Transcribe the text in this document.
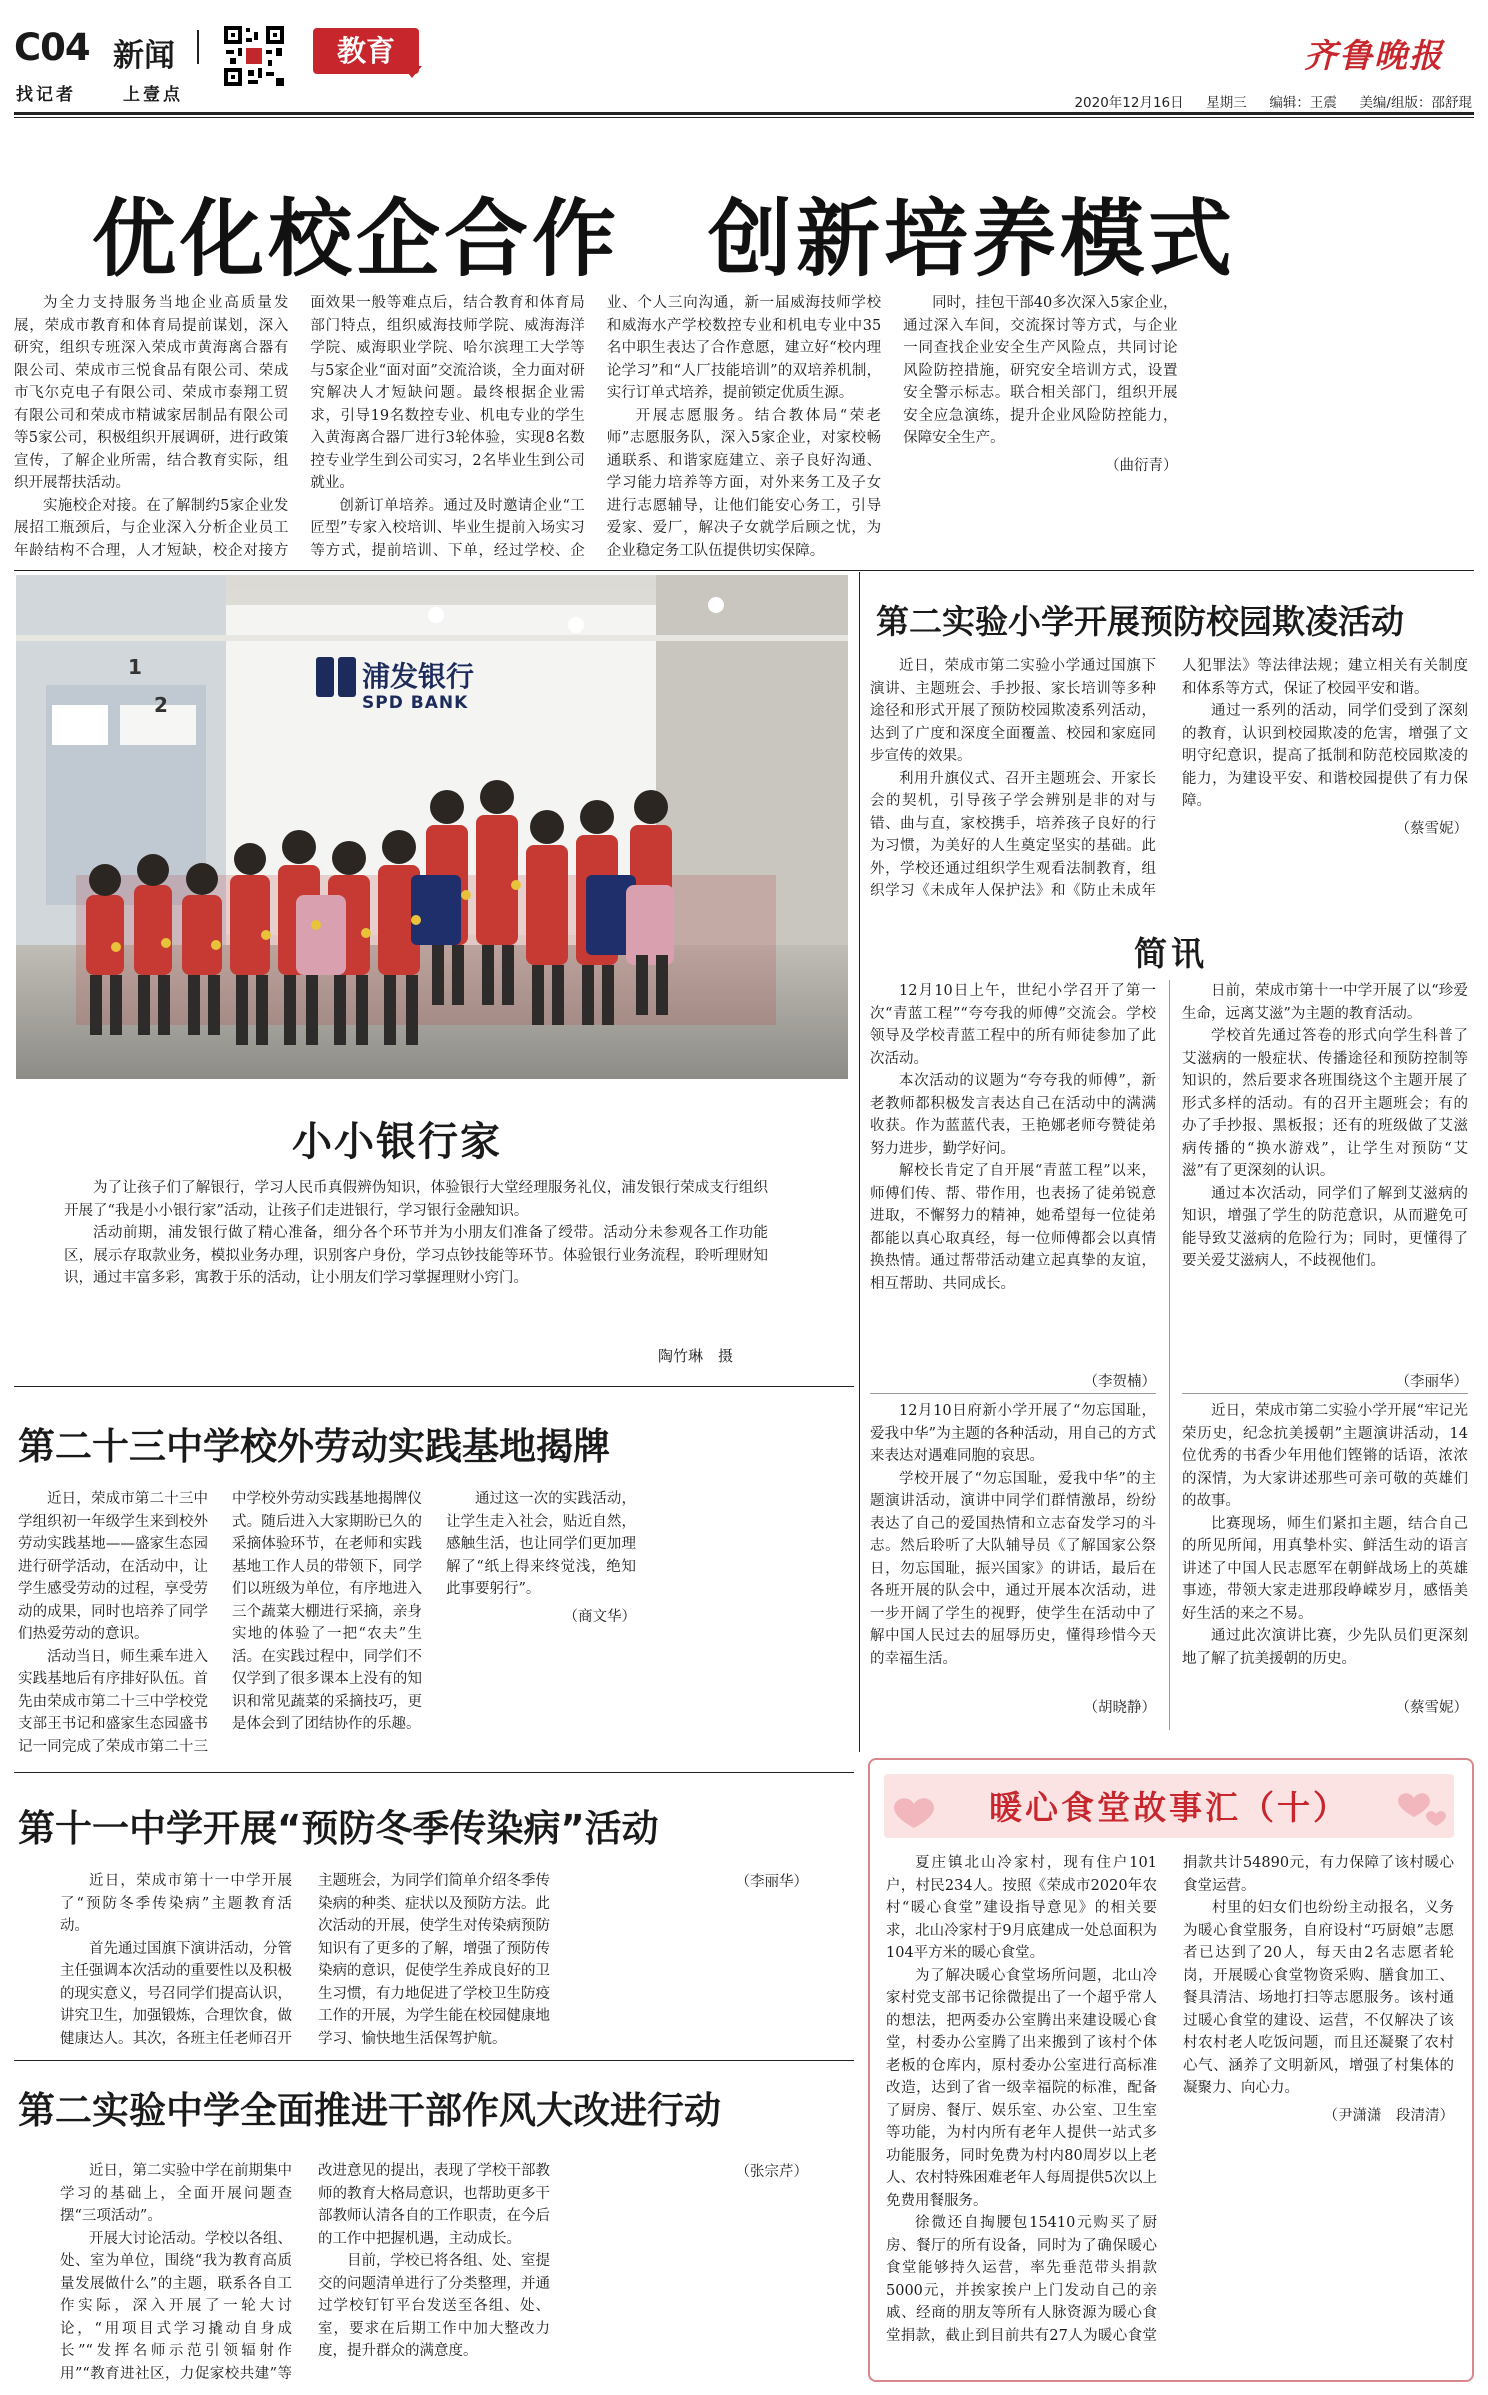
C04 新闻
找记者	上壹点
教育	齐鲁晚报
2020年12月16日 星期三 编辑：王震 美编/组版：邵舒琨
优化校企合作　创新培养模式

为全力支持服务当地企业高质量发展，荣成市教育和体育局提前谋划，深入研究，组织专班深入荣成市黄海离合器有限公司、荣成市三悦食品有限公司、荣成市飞尔克电子有限公司、荣成市泰翔工贸有限公司和荣成市精诚家居制品有限公司等5家公司，积极组织开展调研，进行政策宣传，了解企业所需，结合教育实际，组织开展帮扶活动。

实施校企对接。在了解制约5家企业发展招工瓶颈后，与企业深入分析企业员工年龄结构不合理，人才短缺，校企对接方面效果一般等难点后，结合教育和体育局部门特点，组织威海技师学院、威海海洋学院、威海职业学院、哈尔滨理工大学等与5家企业“面对面”交流洽谈，全力面对研究解决人才短缺问题。最终根据企业需求，引导19名数控专业、机电专业的学生入黄海离合器厂进行3轮体验，实现8名数控专业学生到公司实习，2名毕业生到公司就业。

创新订单培养。通过及时邀请企业“工匠型”专家入校培训、毕业生提前入场实习等方式，提前培训、下单，经过学校、企业、个人三向沟通，新一届威海技师学校和威海水产学校数控专业和机电专业中35名中职生表达了合作意愿，建立好“校内理论学习”和“人厂技能培训”的双培养机制，实行订单式培养，提前锁定优质生源。

开展志愿服务。结合教体局“荣老师”志愿服务队，深入5家企业，对家校畅通联系、和谐家庭建立、亲子良好沟通、学习能力培养等方面，对外来务工及子女进行志愿辅导，让他们能安心务工，引导爱家、爱厂，解决子女就学后顾之忧，为企业稳定务工队伍提供切实保障。

同时，挂包干部40多次深入5家企业，通过深入车间，交流探讨等方式，与企业一同查找企业安全生产风险点，共同讨论风险防控措施，研究安全培训方式，设置安全警示标志。联合相关部门，组织开展安全应急演练，提升企业风险防控能力，保障安全生产。

（曲衍青）
浦发银行
SPD BANK
1
2
小小银行家

为了让孩子们了解银行，学习人民币真假辨伪知识，体验银行大堂经理服务礼仪，浦发银行荣成支行组织开展了“我是小小银行家”活动，让孩子们走进银行，学习银行金融知识。

活动前期，浦发银行做了精心准备，细分各个环节并为小朋友们准备了绶带。活动分未参观各工作功能区，展示存取款业务，模拟业务办理，识别客户身份，学习点钞技能等环节。体验银行业务流程，聆听理财知识，通过丰富多彩，寓教于乐的活动，让小朋友们学习掌握理财小窍门。

陶竹琳　摄
第二十三中学校外劳动实践基地揭牌

近日，荣成市第二十三中学组织初一年级学生来到校外劳动实践基地——盛家生态园进行研学活动，在活动中，让学生感受劳动的过程，享受劳动的成果，同时也培养了同学们热爱劳动的意识。

活动当日，师生乘车进入实践基地后有序排好队伍。首先由荣成市第二十三中学校党支部王书记和盛家生态园盛书记一同完成了荣成市第二十三中学校外劳动实践基地揭牌仪式。随后进入大家期盼已久的采摘体验环节，在老师和实践基地工作人员的带领下，同学们以班级为单位，有序地进入三个蔬菜大棚进行采摘，亲身实地的体验了一把“农夫”生活。在实践过程中，同学们不仅学到了很多课本上没有的知识和常见蔬菜的采摘技巧，更是体会到了团结协作的乐趣。

通过这一次的实践活动，让学生走入社会，贴近自然，感触生活，也让同学们更加理解了“纸上得来终觉浅，绝知此事要躬行”。

（商文华）
第十一中学开展“预防冬季传染病”活动

近日，荣成市第十一中学开展了“预防冬季传染病”主题教育活动。

首先通过国旗下演讲活动，分管主任强调本次活动的重要性以及积极的现实意义，号召同学们提高认识，讲究卫生，加强锻炼，合理饮食，做健康达人。其次，各班主任老师召开主题班会，为同学们简单介绍冬季传染病的种类、症状以及预防方法。此次活动的开展，使学生对传染病预防知识有了更多的了解，增强了预防传染病的意识，促使学生养成良好的卫生习惯，有力地促进了学校卫生防疫工作的开展，为学生能在校园健康地学习、愉快地生活保驾护航。

（李丽华）
第二实验中学全面推进干部作风大改进行动

近日，第二实验中学在前期集中学习的基础上，全面开展问题查摆“三项活动”。

开展大讨论活动。学校以各组、处、室为单位，围绕“我为教育高质量发展做什么”的主题，联系各自工作实际，深入开展了一轮大讨论，“用项目式学习撬动自身成长”“发挥名师示范引领辐射作用”“教育进社区，力促家校共建”等改进意见的提出，表现了学校干部教师的教育大格局意识，也帮助更多干部教师认清各自的工作职责，在今后的工作中把握机遇，主动成长。

目前，学校已将各组、处、室提交的问题清单进行了分类整理，并通过学校钉钉平台发送至各组、处、室，要求在后期工作中加大整改力度，提升群众的满意度。

（张宗芹）
第二实验小学开展预防校园欺凌活动

近日，荣成市第二实验小学通过国旗下演讲、主题班会、手抄报、家长培训等多种途径和形式开展了预防校园欺凌系列活动，达到了广度和深度全面覆盖、校园和家庭同步宣传的效果。

利用升旗仪式、召开主题班会、开家长会的契机，引导孩子学会辨别是非的对与错、曲与直，家校携手，培养孩子良好的行为习惯，为美好的人生奠定坚实的基础。此外，学校还通过组织学生观看法制教育，组织学习《未成年人保护法》和《防止未成年人犯罪法》等法律法规；建立相关有关制度和体系等方式，保证了校园平安和谐。

通过一系列的活动，同学们受到了深刻的教育，认识到校园欺凌的危害，增强了文明守纪意识，提高了抵制和防范校园欺凌的能力，为建设平安、和谐校园提供了有力保障。

（蔡雪妮）
简讯

12月10日上午，世纪小学召开了第一次“青蓝工程”“夸夸我的师傅”交流会。学校领导及学校青蓝工程中的所有师徒参加了此次活动。

本次活动的议题为“夸夸我的师傅”，新老教师都积极发言表达自己在活动中的满满收获。作为蓝蓝代表，王艳娜老师夸赞徒弟努力进步，勤学好问。

解校长肯定了自开展“青蓝工程”以来，师傅们传、帮、带作用，也表扬了徒弟锐意进取，不懈努力的精神，她希望每一位徒弟都能以真心取真经，每一位师傅都会以真情换热情。通过帮带活动建立起真挚的友谊，相互帮助、共同成长。

（李贺楠）

12月10日府新小学开展了“勿忘国耻，爱我中华”为主题的各种活动，用自己的方式来表达对遇难同胞的哀思。

学校开展了“勿忘国耻，爱我中华”的主题演讲活动，演讲中同学们群情激昂，纷纷表达了自己的爱国热情和立志奋发学习的斗志。然后聆听了大队辅导员《了解国家公祭日，勿忘国耻，振兴国家》的讲话，最后在各班开展的队会中，通过开展本次活动，进一步开阔了学生的视野，使学生在活动中了解中国人民过去的屈辱历史，懂得珍惜今天的幸福生活。

（胡晓静）

日前，荣成市第十一中学开展了以“珍爱生命，远离艾滋”为主题的教育活动。

学校首先通过答卷的形式向学生科普了艾滋病的一般症状、传播途径和预防控制等知识的，然后要求各班围绕这个主题开展了形式多样的活动。有的召开主题班会；有的办了手抄报、黑板报；还有的班级做了艾滋病传播的“换水游戏”，让学生对预防“艾滋”有了更深刻的认识。

通过本次活动，同学们了解到艾滋病的知识，增强了学生的防范意识，从而避免可能导致艾滋病的危险行为；同时，更懂得了要关爱艾滋病人，不歧视他们。

（李丽华）

近日，荣成市第二实验小学开展“牢记光荣历史，纪念抗美援朝”主题演讲活动，14位优秀的书香少年用他们铿锵的话语，浓浓的深情，为大家讲述那些可亲可敬的英雄们的故事。

比赛现场，师生们紧扣主题，结合自己的所见所闻，用真挚朴实、鲜活生动的语言讲述了中国人民志愿军在朝鲜战场上的英雄事迹，带领大家走进那段峥嵘岁月，感悟美好生活的来之不易。

通过此次演讲比赛，少先队员们更深刻地了解了抗美援朝的历史。

（蔡雪妮）
暖心食堂故事汇（十）

夏庄镇北山冷家村，现有住户101户，村民234人。按照《荣成市2020年农村“暖心食堂”建设指导意见》的相关要求，北山冷家村于9月底建成一处总面积为104平方米的暖心食堂。

为了解决暖心食堂场所问题，北山冷家村党支部书记徐微提出了一个超乎常人的想法，把两委办公室腾出来建设暖心食堂，村委办公室腾了出来搬到了该村个体老板的仓库内，原村委办公室进行高标准改造，达到了省一级幸福院的标准，配备了厨房、餐厅、娱乐室、办公室、卫生室等功能，为村内所有老年人提供一站式多功能服务，同时免费为村内80周岁以上老人、农村特殊困难老年人每周提供5次以上免费用餐服务。

徐微还自掏腰包15410元购买了厨房、餐厅的所有设备，同时为了确保暖心食堂能够持久运营，率先垂范带头捐款5000元，并挨家挨户上门发动自己的亲戚、经商的朋友等所有人脉资源为暖心食堂捐款，截止到目前共有27人为暖心食堂捐款共计54890元，有力保障了该村暖心食堂运营。

村里的妇女们也纷纷主动报名，义务为暖心食堂服务，自府设村“巧厨娘”志愿者已达到了20人，每天由2名志愿者轮岗，开展暖心食堂物资采购、膳食加工、餐具清洁、场地打扫等志愿服务。该村通过暖心食堂的建设、运营，不仅解决了该村农村老人吃饭问题，而且还凝聚了农村心气、涵养了文明新风，增强了村集体的凝聚力、向心力。

（尹潇潇　段清清）
